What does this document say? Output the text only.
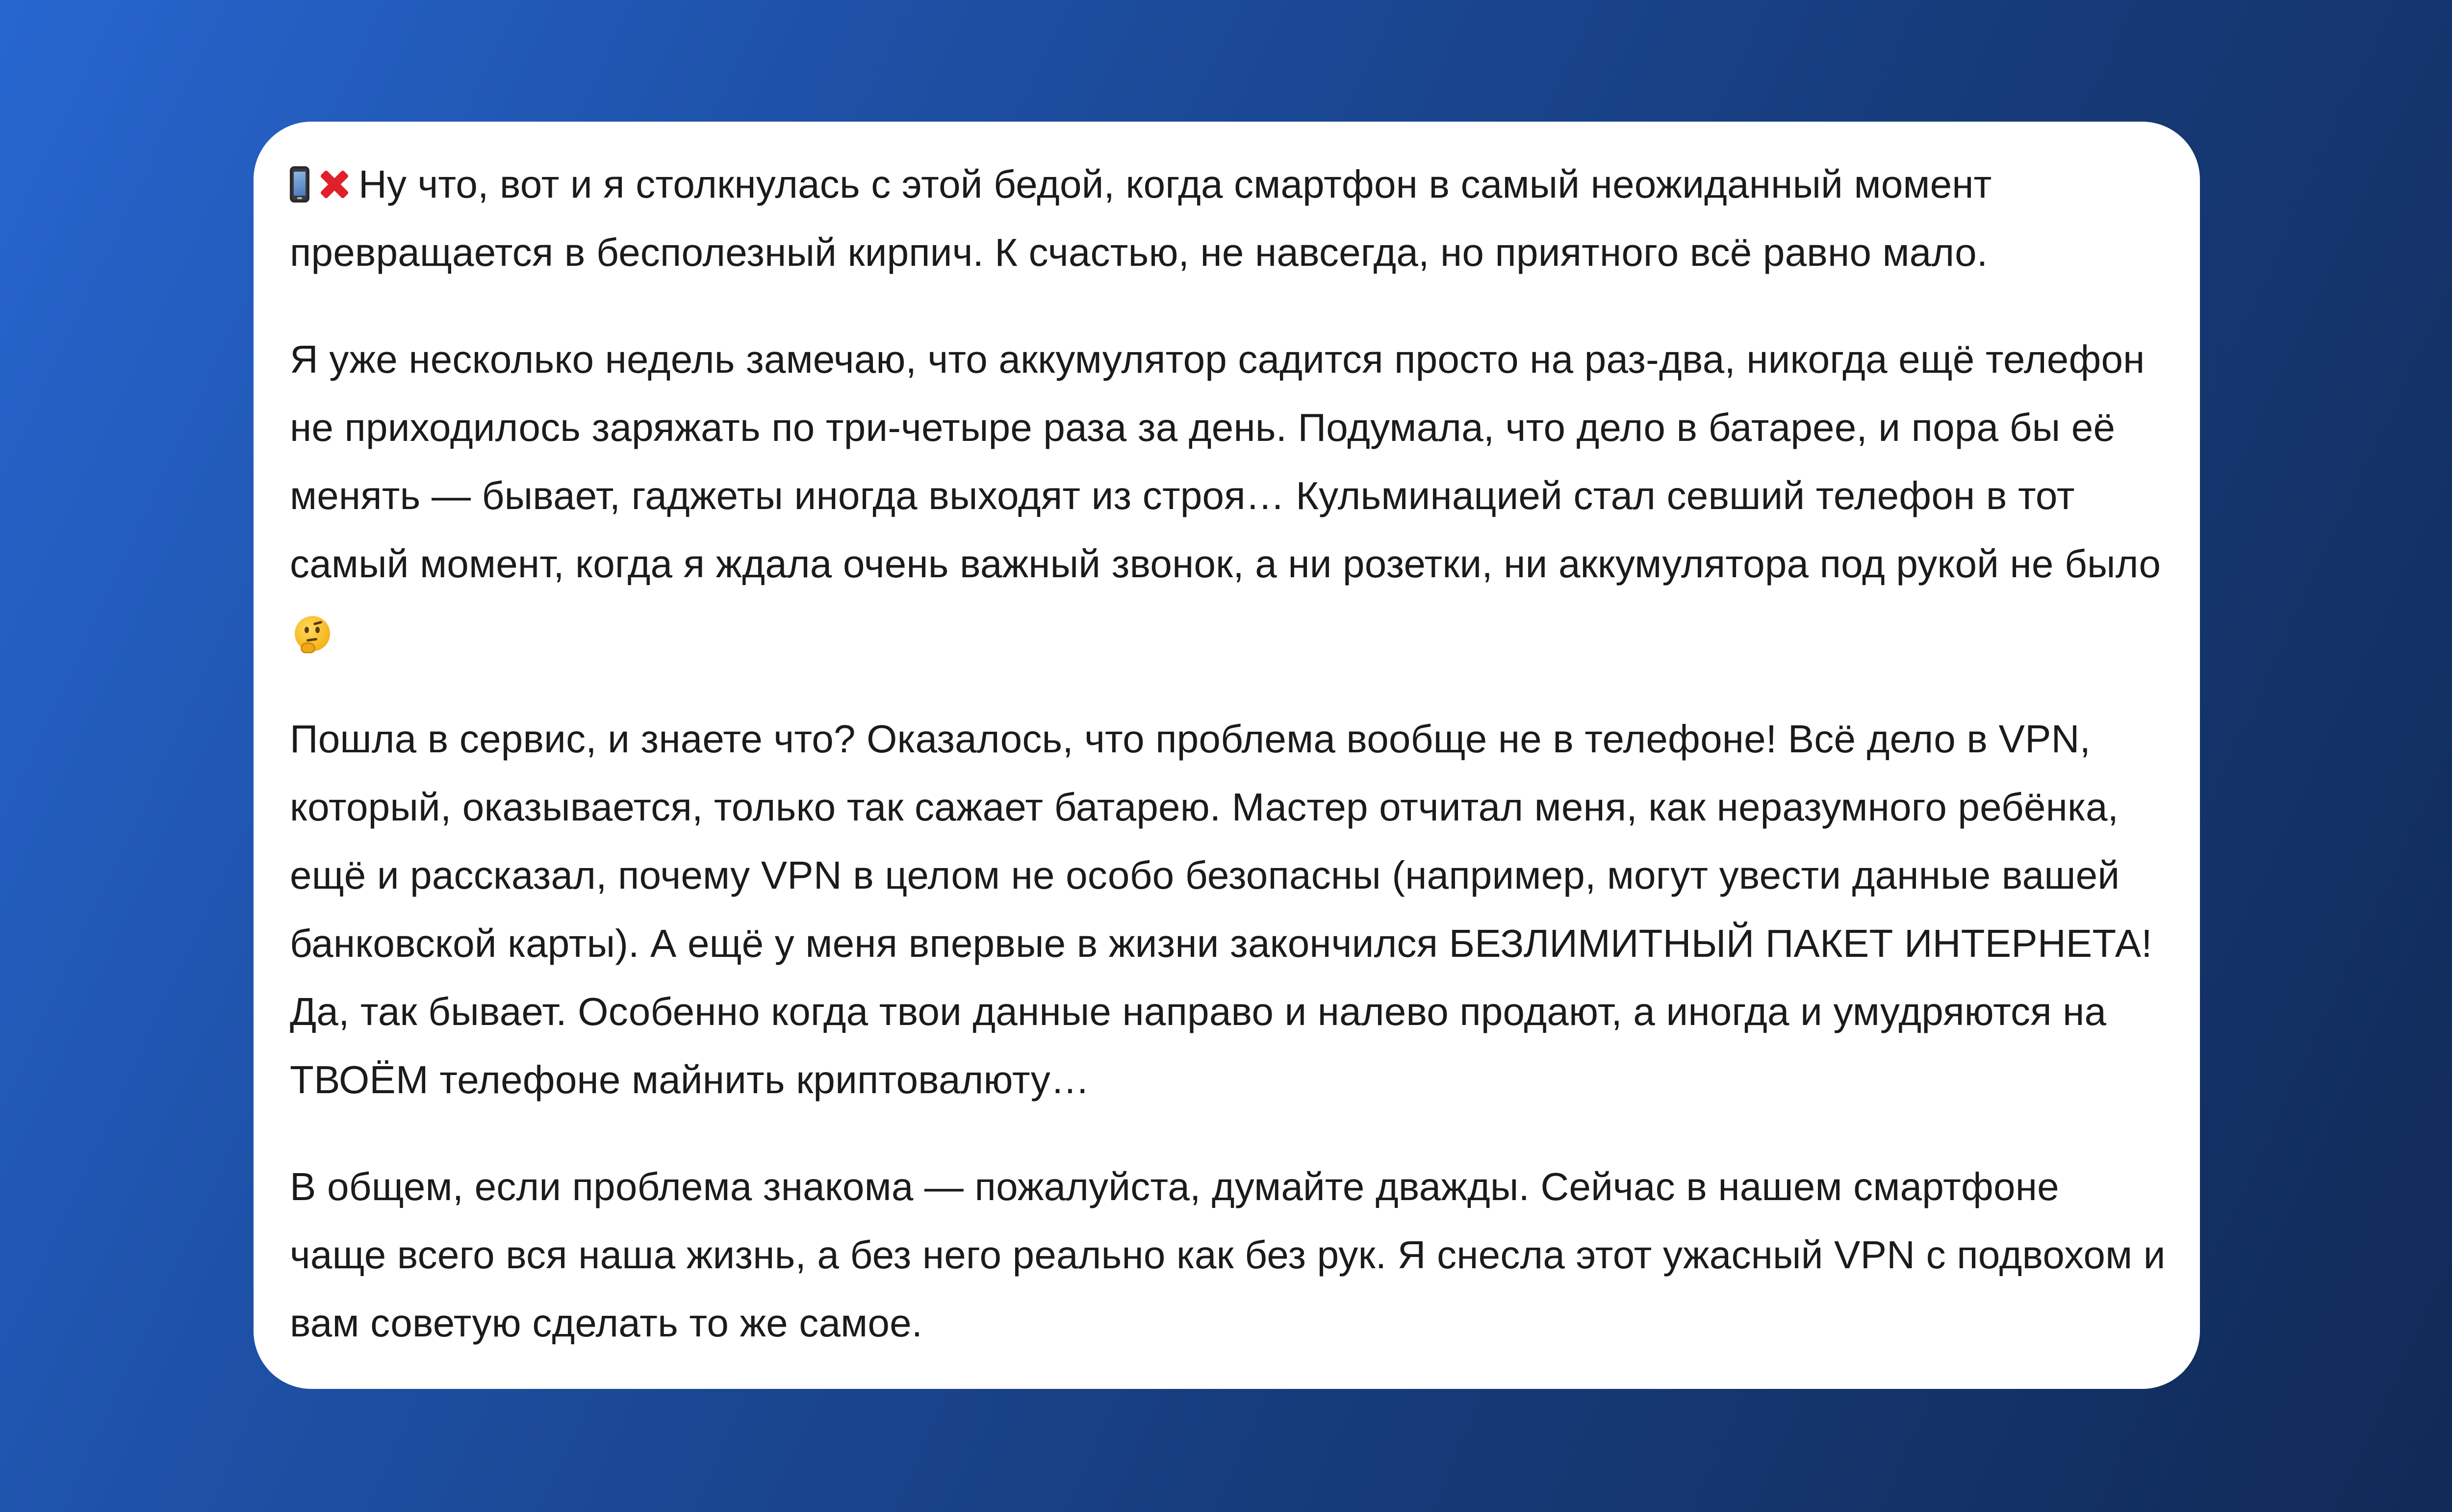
Ну что, вот и я столкнулась с этой бедой, когда смартфон в самый неожиданный момент превращается в бесполезный кирпич. К счастью, не навсегда, но приятного всё равно мало.

Я уже несколько недель замечаю, что аккумулятор садится просто на раз-два, никогда ещё телефон не приходилось заряжать по три-четыре раза за день. Подумала, что дело в батарее, и пора бы её менять — бывает, гаджеты иногда выходят из строя… Кульминацией стал севший телефон в тот самый момент, когда я ждала очень важный звонок, а ни розетки, ни аккумулятора под рукой не было

Пошла в сервис, и знаете что? Оказалось, что проблема вообще не в телефоне! Всё дело в VPN, который, оказывается, только так сажает батарею. Мастер отчитал меня, как неразумного ребёнка, ещё и рассказал, почему VPN в целом не особо безопасны (например, могут увести данные вашей банковской карты). А ещё у меня впервые в жизни закончился БЕЗЛИМИТНЫЙ ПАКЕТ ИНТЕРНЕТА! Да, так бывает. Особенно когда твои данные направо и налево продают, а иногда и умудряются на ТВОЁМ телефоне майнить криптовалюту…

В общем, если проблема знакома — пожалуйста, думайте дважды. Сейчас в нашем смартфоне чаще всего вся наша жизнь, а без него реально как без рук. Я снесла этот ужасный VPN с подвохом и вам советую сделать то же самое.
